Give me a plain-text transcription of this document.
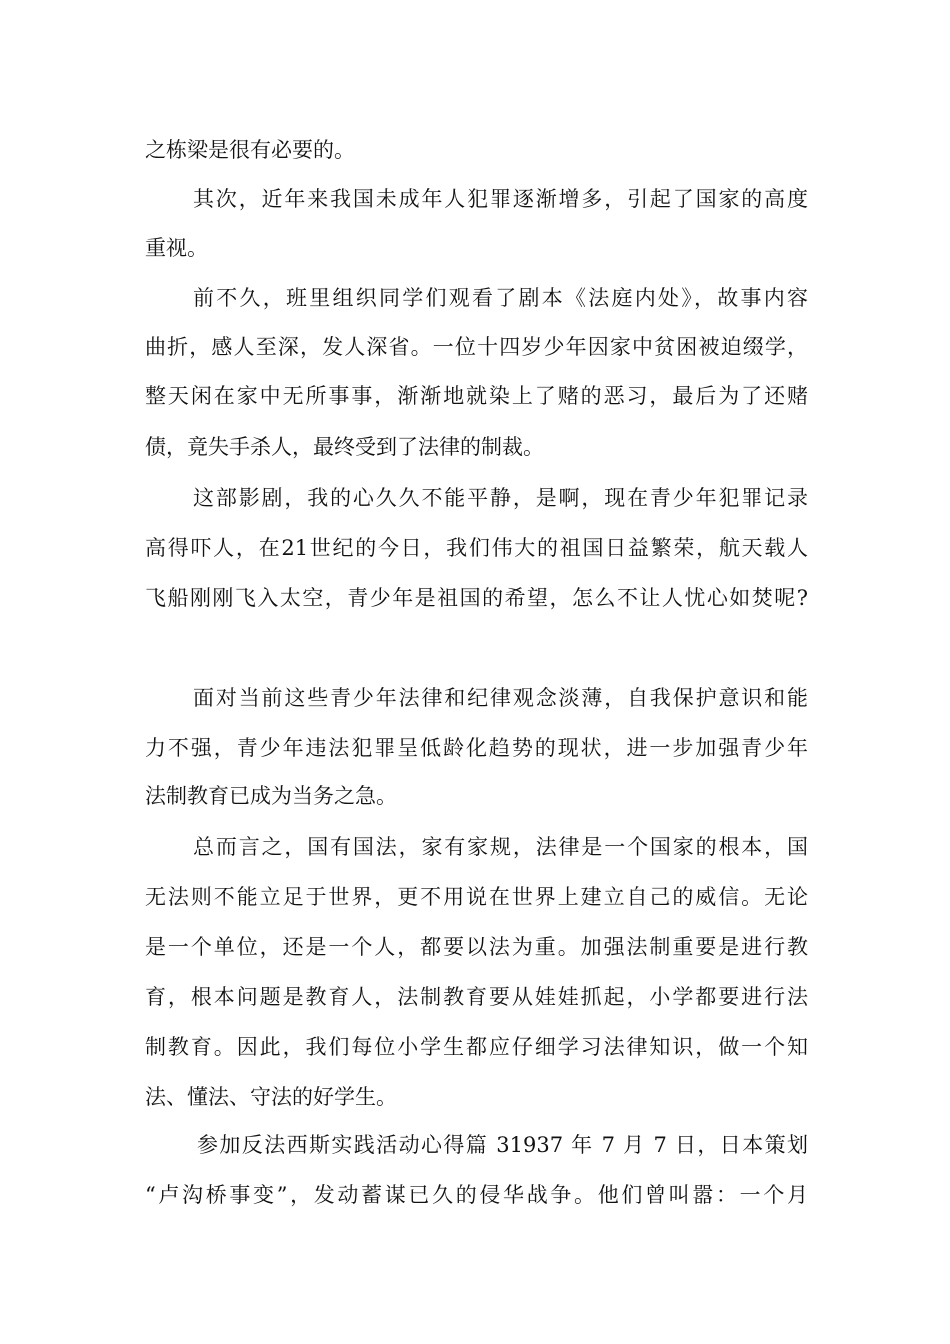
之栋梁是很有必要的。
其次，近年来我国未成年人犯罪逐渐增多，引起了国家的高度
重视。
前不久，班里组织同学们观看了剧本《法庭内处》，故事内容
曲折，感人至深，发人深省。一位十四岁少年因家中贫困被迫缀学，
整天闲在家中无所事事，渐渐地就染上了赌的恶习，最后为了还赌
债，竟失手杀人，最终受到了法律的制裁。
这部影剧，我的心久久不能平静，是啊，现在青少年犯罪记录
高得吓人，在21世纪的今日，我们伟大的祖国日益繁荣，航天载人
飞船刚刚飞入太空，青少年是祖国的希望，怎么不让人忧心如焚呢?
面对当前这些青少年法律和纪律观念淡薄，自我保护意识和能
力不强，青少年违法犯罪呈低龄化趋势的现状，进一步加强青少年
法制教育已成为当务之急。
总而言之，国有国法，家有家规，法律是一个国家的根本，国
无法则不能立足于世界，更不用说在世界上建立自己的威信。无论
是一个单位，还是一个人，都要以法为重。加强法制重要是进行教
育，根本问题是教育人，法制教育要从娃娃抓起，小学都要进行法
制教育。因此，我们每位小学生都应仔细学习法律知识，做一个知
法、懂法、守法的好学生。
参加反法西斯实践活动心得篇 31937 年 7 月 7 日，日本策划
“卢沟桥事变”，发动蓄谋已久的侵华战争。他们曾叫嚣：一个月
